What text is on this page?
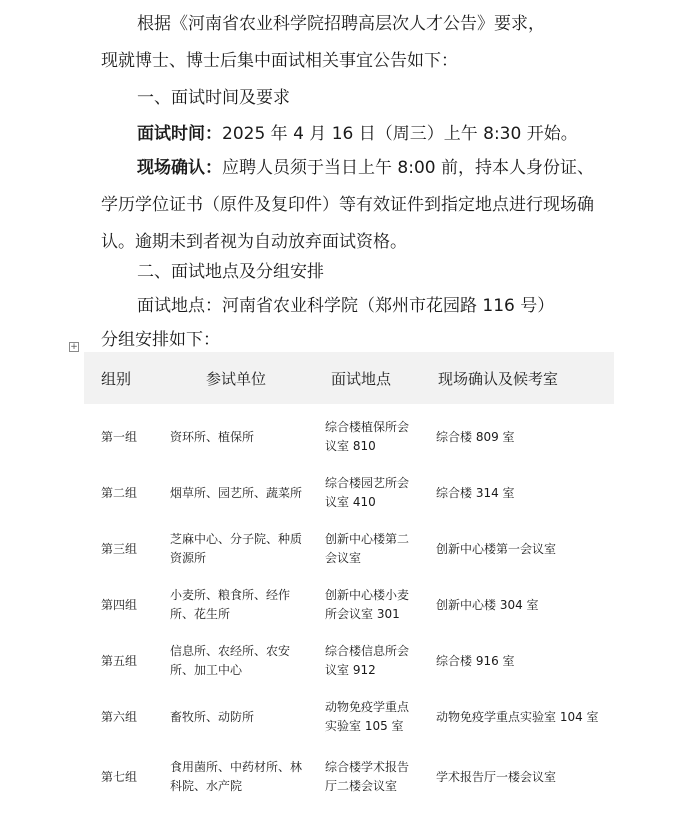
根据《河南省农业科学院招聘高层次人才公告》要求，

现就博士、博士后集中面试相关事宜公告如下：

一、面试时间及要求

面试时间：2025 年 4 月 16 日（周三）上午 8:30 开始。

现场确认：应聘人员须于当日上午 8:00 前，持本人身份证、学历学位证书（原件及复印件）等有效证件到指定地点进行现场确认。逾期未到者视为自动放弃面试资格。

二、面试地点及分组安排

面试地点：河南省农业科学院（郑州市花园路 116 号）

分组安排如下：

+
组别	参试单位	面试地点	现场确认及候考室
第一组	资环所、植保所	综合楼植保所会议室 810	综合楼 809 室
第二组	烟草所、园艺所、蔬菜所	综合楼园艺所会议室 410	综合楼 314 室
第三组	芝麻中心、分子院、种质资源所	创新中心楼第二会议室	创新中心楼第一会议室
第四组	小麦所、粮食所、经作所、花生所	创新中心楼小麦所会议室 301	创新中心楼 304 室
第五组	信息所、农经所、农安所、加工中心	综合楼信息所会议室 912	综合楼 916 室
第六组	畜牧所、动防所	动物免疫学重点实验室 105 室	动物免疫学重点实验室 104 室
第七组	食用菌所、中药材所、林科院、水产院	综合楼学术报告厅二楼会议室	学术报告厅一楼会议室
